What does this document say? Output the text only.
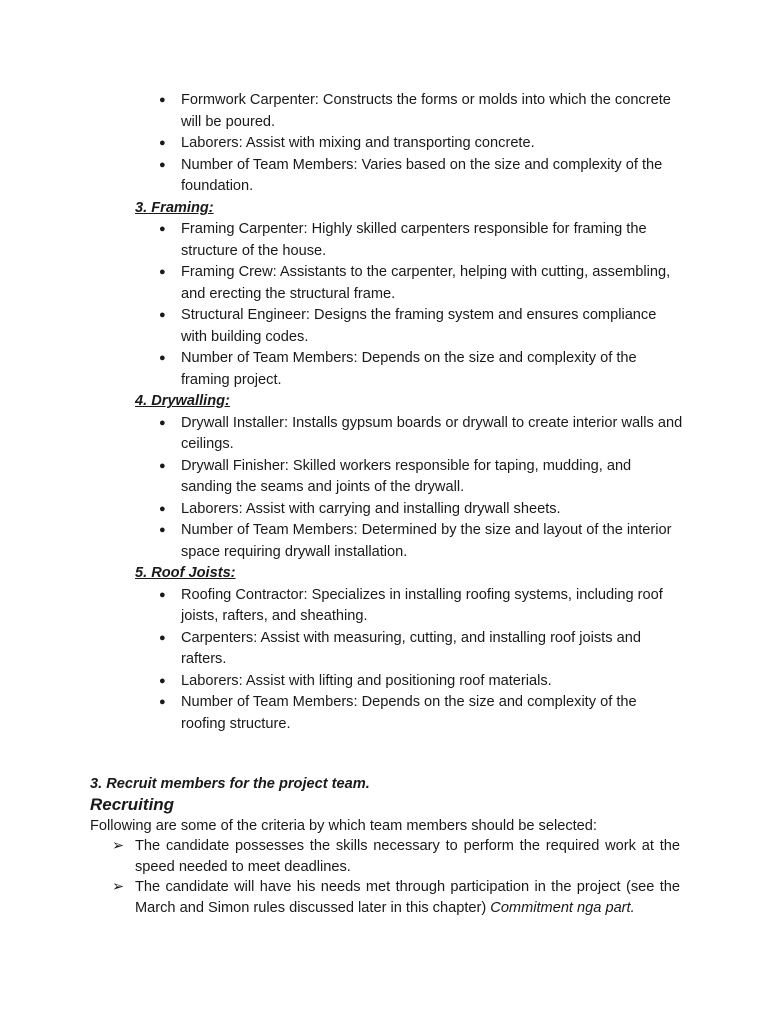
● Formwork Carpenter: Constructs the forms or molds into which the concrete will be poured.
● Laborers: Assist with mixing and transporting concrete.
● Number of Team Members: Varies based on the size and complexity of the foundation.
3. Framing:
● Framing Carpenter: Highly skilled carpenters responsible for framing the structure of the house.
● Framing Crew: Assistants to the carpenter, helping with cutting, assembling, and erecting the structural frame.
● Structural Engineer: Designs the framing system and ensures compliance with building codes.
● Number of Team Members: Depends on the size and complexity of the framing project.
4. Drywalling:
● Drywall Installer: Installs gypsum boards or drywall to create interior walls and ceilings.
● Drywall Finisher: Skilled workers responsible for taping, mudding, and sanding the seams and joints of the drywall.
● Laborers: Assist with carrying and installing drywall sheets.
● Number of Team Members: Determined by the size and layout of the interior space requiring drywall installation.
5. Roof Joists:
● Roofing Contractor: Specializes in installing roofing systems, including roof joists, rafters, and sheathing.
● Carpenters: Assist with measuring, cutting, and installing roof joists and rafters.
● Laborers: Assist with lifting and positioning roof materials.
● Number of Team Members: Depends on the size and complexity of the roofing structure.
3. Recruit members for the project team.
Recruiting
Following are some of the criteria by which team members should be selected:
➢ The candidate possesses the skills necessary to perform the required work at the speed needed to meet deadlines.
➢ The candidate will have his needs met through participation in the project (see the March and Simon rules discussed later in this chapter) Commitment nga part.
